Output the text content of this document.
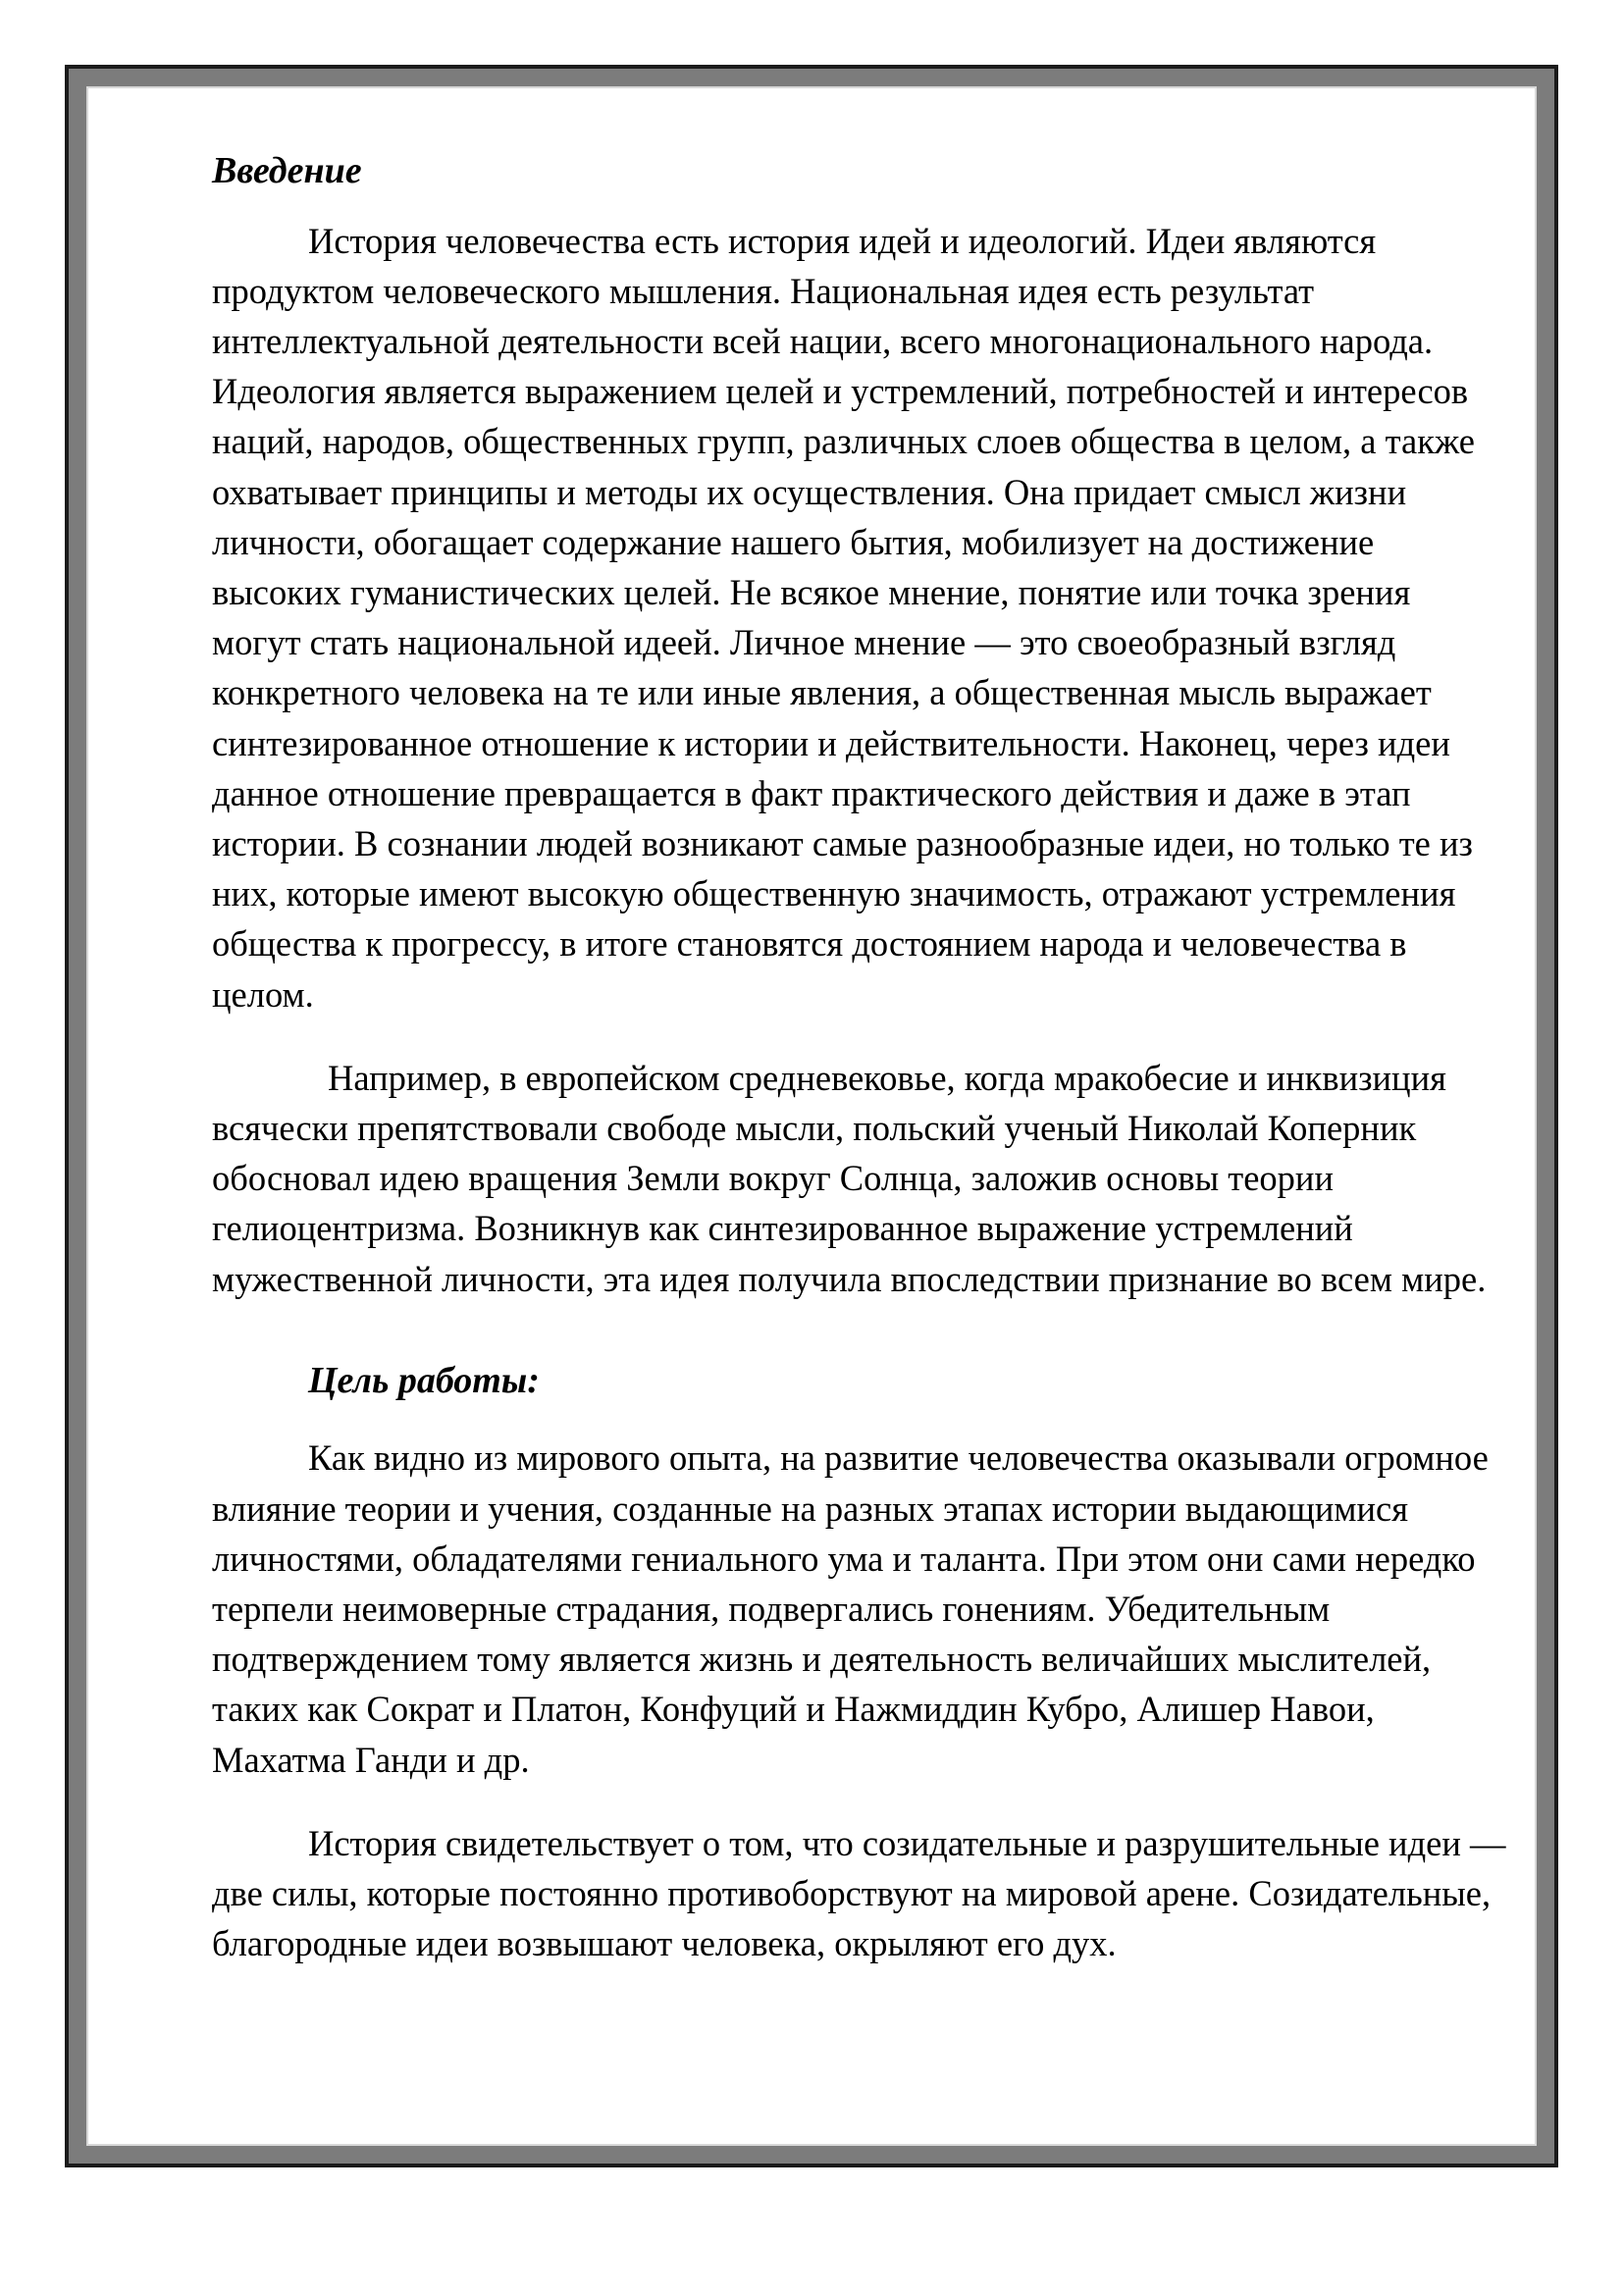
Введение

История человечества есть история идей и идеологий. Идеи являются продуктом человеческого мышления. Национальная идея есть результат интеллектуальной деятельности всей нации, всего многонационального народа. Идеология является выражением целей и устремлений, потребностей и интересов наций, народов, общественных групп, различных слоев общества в целом, а также охватывает принципы и методы их осуществления. Она придает смысл жизни личности, обогащает содержание нашего бытия, мобилизует на достижение высоких гуманистических целей. Не всякое мнение, понятие или точка зрения могут стать национальной идеей. Личное мнение — это своеобразный взгляд конкретного человека на те или иные явления, а общественная мысль выражает синтезированное отношение к истории и действительности. Наконец, через идеи данное отношение превращается в факт практического действия и даже в этап истории. В сознании людей возникают самые разнообразные идеи, но только те из них, которые имеют высокую общественную значимость, отражают устремления общества к прогрессу, в итоге становятся достоянием народа и человечества в целом.

Например, в европейском средневековье, когда мракобесие и инквизиция всячески препятствовали свободе мысли, польский ученый Николай Коперник обосновал идею вращения Земли вокруг Солнца, заложив основы теории гелиоцентризма. Возникнув как синтезированное выражение устремлений мужественной личности, эта идея получила впоследствии признание во всем мире.

Цель работы:

Как видно из мирового опыта, на развитие человечества оказывали огромное влияние теории и учения, созданные на разных этапах истории выдающимися личностями, обладателями гениального ума и таланта. При этом они сами нередко терпели неимоверные страдания, подвергались гонениям. Убедительным подтверждением тому является жизнь и деятельность величайших мыслителей, таких как Сократ и Платон, Конфуций и Нажмиддин Кубро, Алишер Навои, Махатма Ганди и др.

История свидетельствует о том, что созидательные и разрушительные идеи — две силы, которые постоянно противоборствуют на мировой арене. Созидательные, благородные идеи возвышают человека, окрыляют его дух.
